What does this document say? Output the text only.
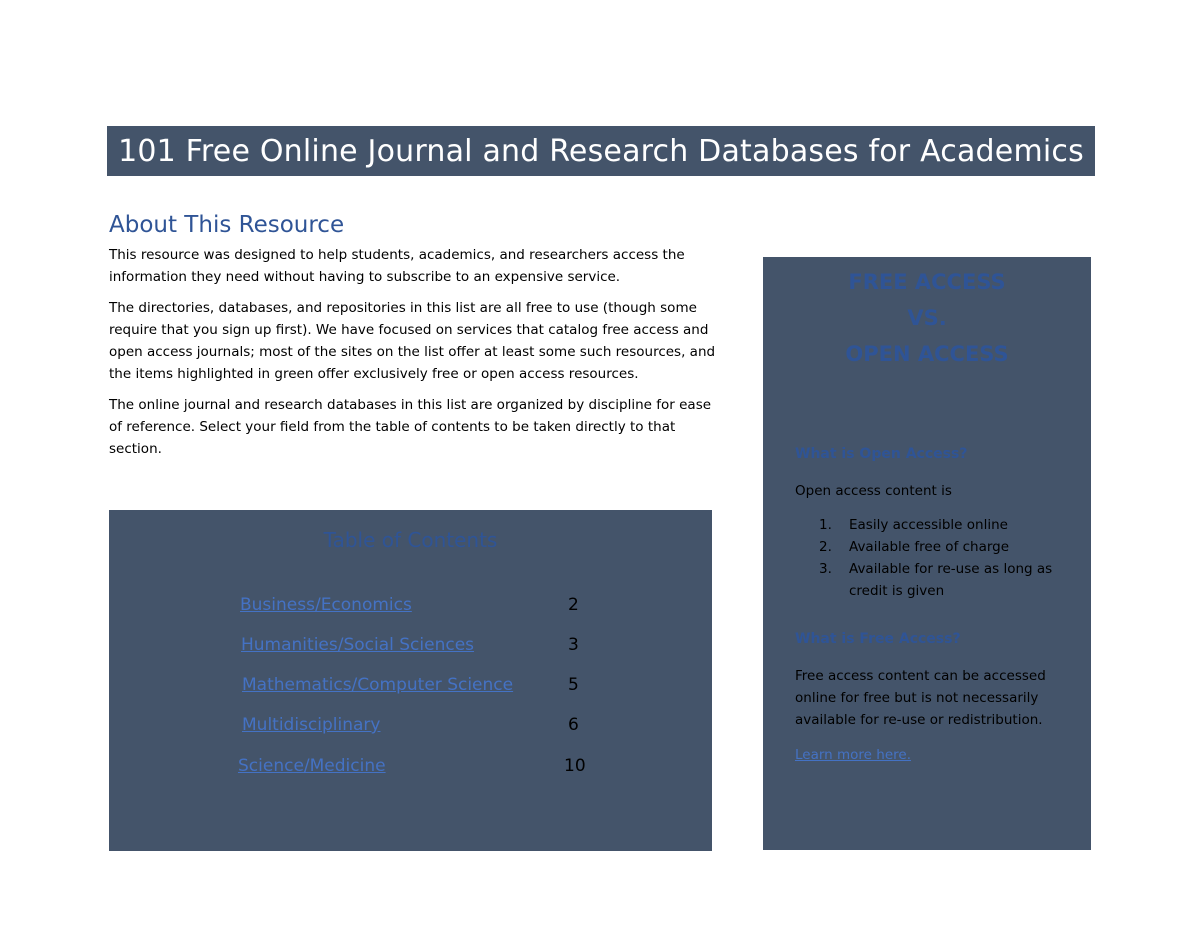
101 Free Online Journal and Research Databases for Academics
About This Resource

This resource was designed to help students, academics, and researchers access the information they need without having to subscribe to an expensive service.

The directories, databases, and repositories in this list are all free to use (though some require that you sign up first). We have focused on services that catalog free access and open access journals; most of the sites on the list offer at least some such resources, and the items highlighted in green offer exclusively free or open access resources.

The online journal and research databases in this list are organized by discipline for ease of reference. Select your field from the table of contents to be taken directly to that section.

Table of Contents
Business/Economics	2
Humanities/Social Sciences	3
Mathematics/Computer Science	5
Multidisciplinary	6
Science/Medicine	10
FREE ACCESS
VS.
OPEN ACCESS
What is Open Access?
Open access content is
1.	Easily accessible online
2.	Available free of charge
3.	Available for re-use as long as credit is given
What is Free Access?
Free access content can be accessed online for free but is not necessarily available for re-use or redistribution.
Learn more here.
